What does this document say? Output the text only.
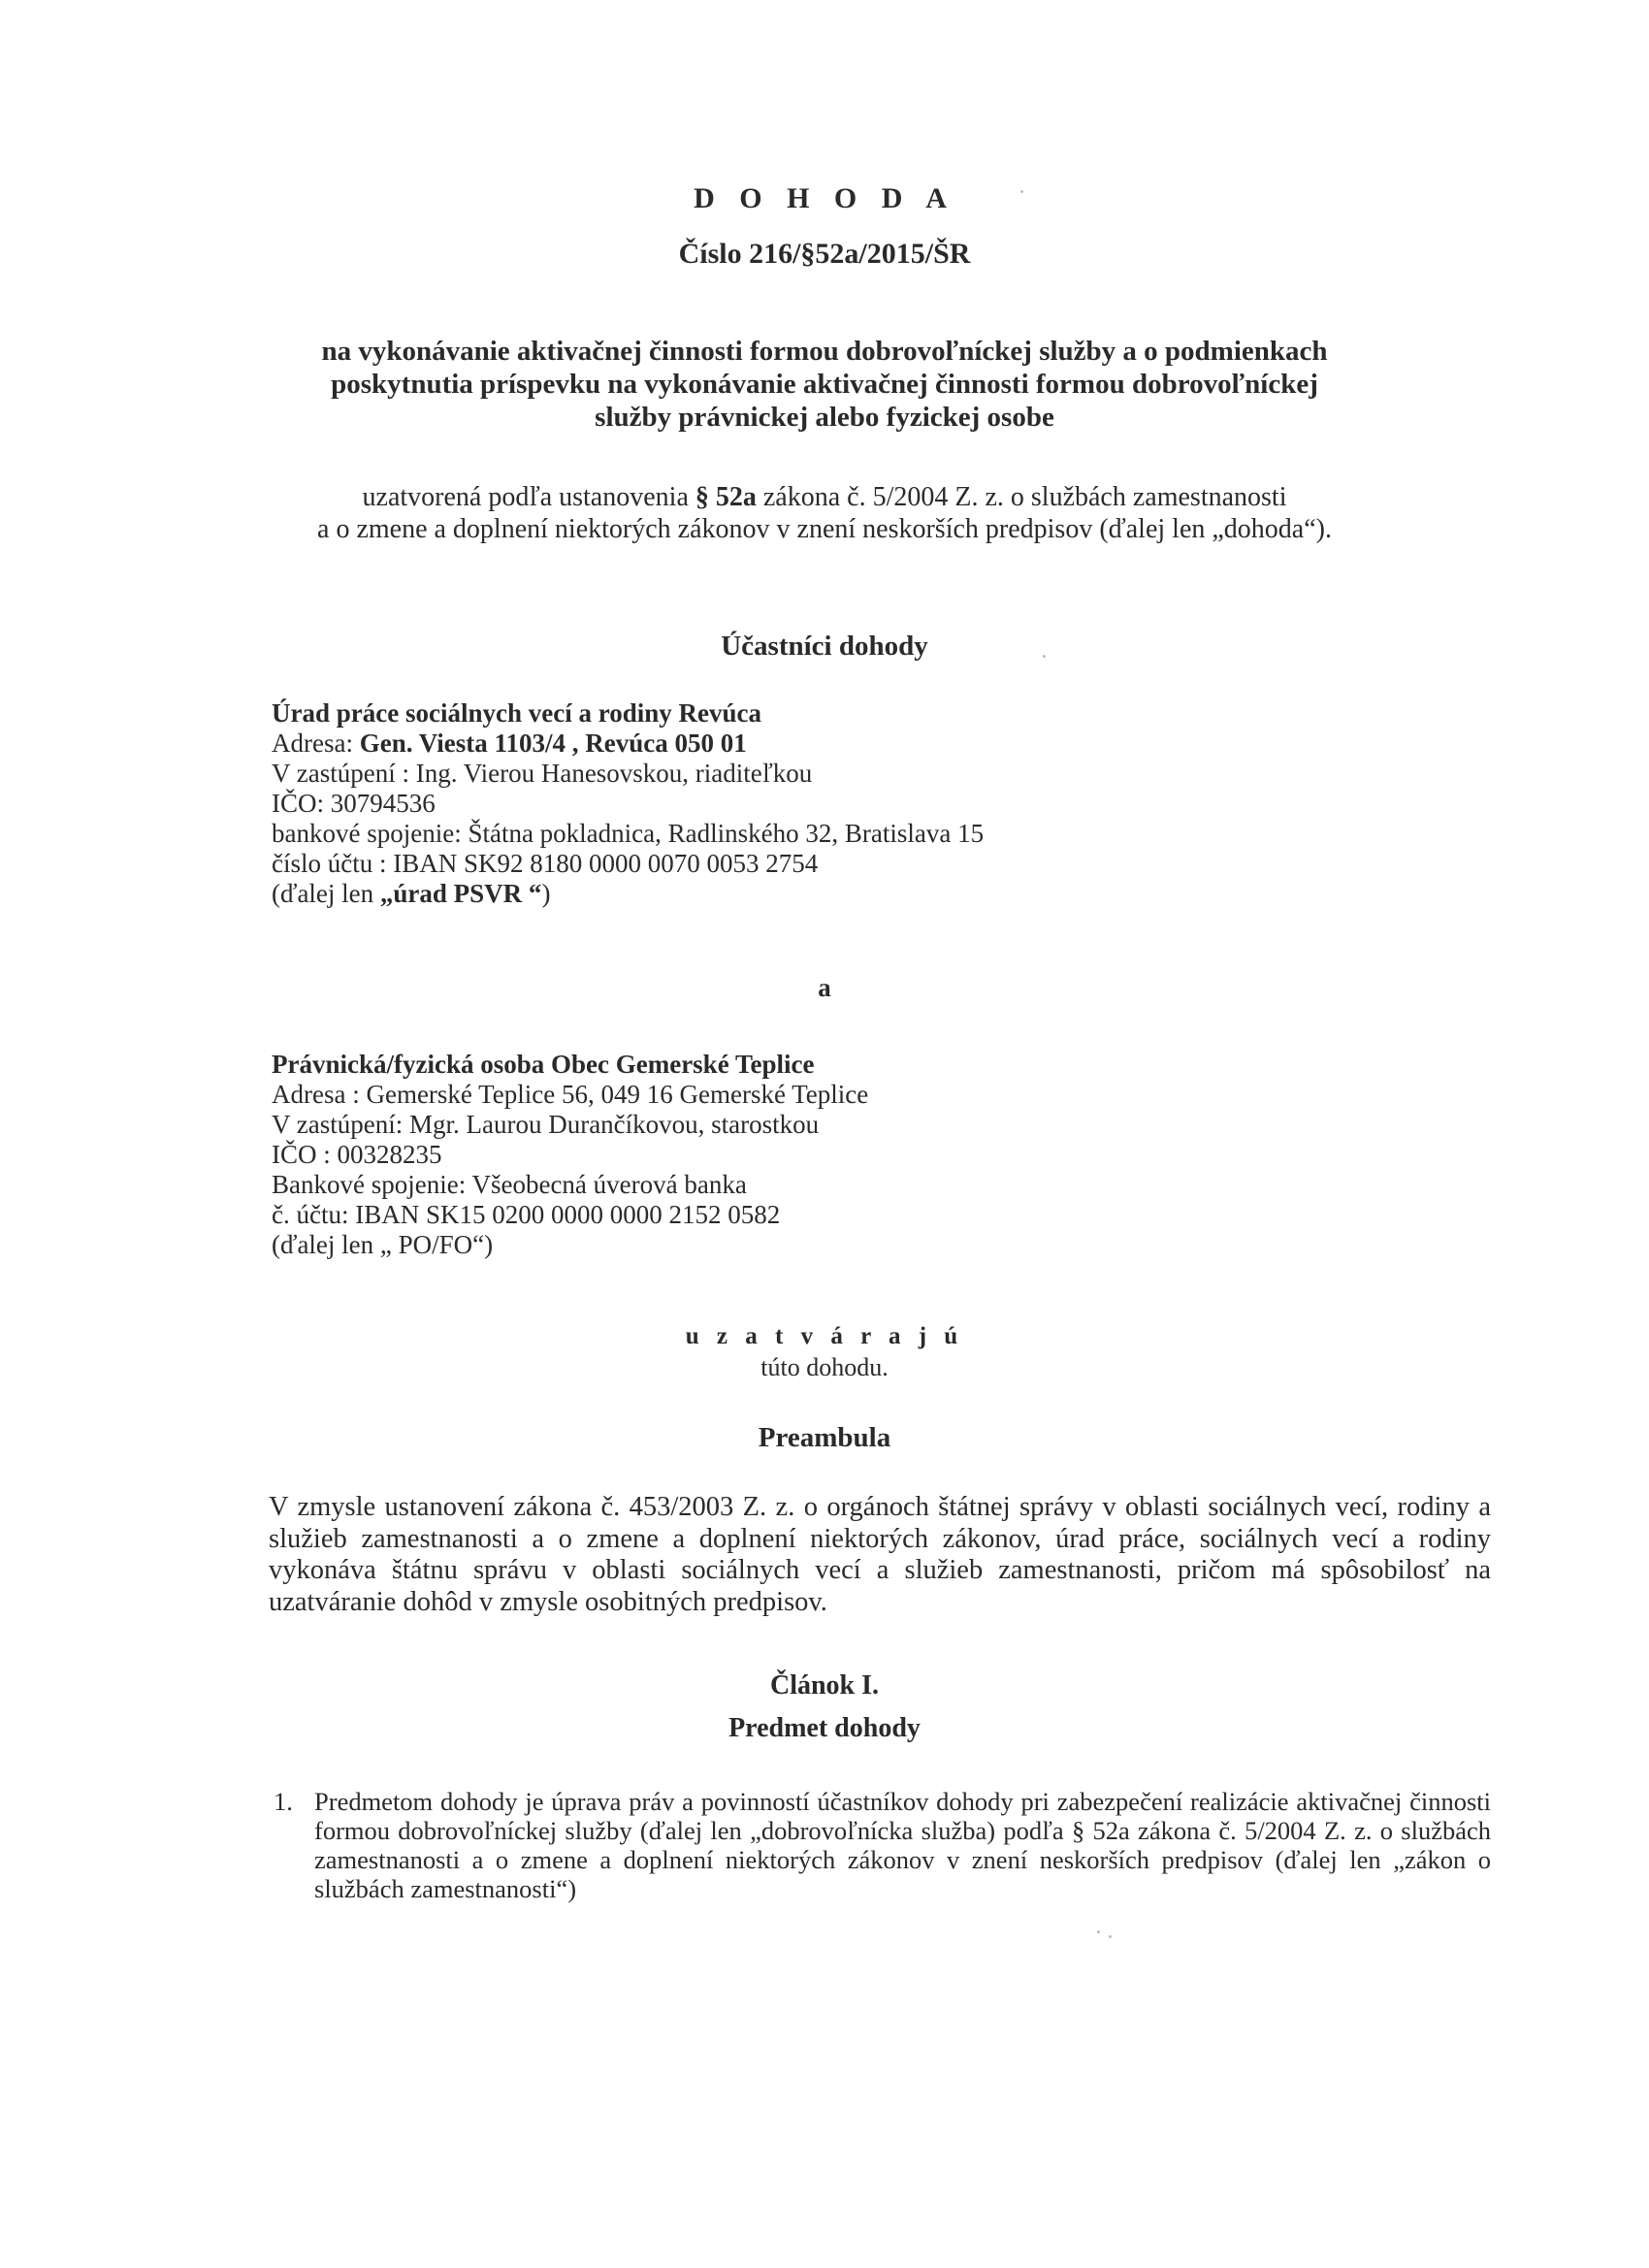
D O H O D A
Číslo 216/§52a/2015/ŠR
na vykonávanie aktivačnej činnosti formou dobrovoľníckej služby a o podmienkach
poskytnutia príspevku na vykonávanie aktivačnej činnosti formou dobrovoľníckej
služby právnickej alebo fyzickej osobe
uzatvorená podľa ustanovenia § 52a zákona č. 5/2004 Z. z. o službách zamestnanosti
a o zmene a doplnení niektorých zákonov v znení neskorších predpisov (ďalej len „dohoda“).
Účastníci dohody
Úrad práce sociálnych vecí a rodiny Revúca
Adresa: Gen. Viesta 1103/4 , Revúca 050 01
V zastúpení : Ing. Vierou Hanesovskou, riaditeľkou
IČO: 30794536
bankové spojenie: Štátna pokladnica, Radlinského 32, Bratislava 15
číslo účtu : IBAN SK92 8180 0000 0070 0053 2754
(ďalej len „úrad PSVR “)
a
Právnická/fyzická osoba Obec Gemerské Teplice
Adresa : Gemerské Teplice 56, 049 16 Gemerské Teplice
V zastúpení: Mgr. Laurou Durančíkovou, starostkou
IČO : 00328235
Bankové spojenie: Všeobecná úverová banka
č. účtu: IBAN SK15 0200 0000 0000 2152 0582
(ďalej len „ PO/FO“)
u z a t v á r a j ú
túto dohodu.
Preambula
V zmysle ustanovení zákona č. 453/2003 Z. z. o orgánoch štátnej správy v oblasti sociálnych vecí, rodiny a služieb zamestnanosti a o zmene a doplnení niektorých zákonov, úrad práce, sociálnych vecí a rodiny vykonáva štátnu správu v oblasti sociálnych vecí a služieb zamestnanosti, pričom má spôsobilosť na uzatváranie dohôd v zmysle osobitných predpisov.
Článok I.
Predmet dohody
1. Predmetom dohody je úprava práv a povinností účastníkov dohody pri zabezpečení realizácie aktivačnej činnosti formou dobrovoľníckej služby (ďalej len „dobrovoľnícka služba) podľa § 52a zákona č. 5/2004 Z. z. o službách zamestnanosti a o zmene a doplnení niektorých zákonov v znení neskorších predpisov (ďalej len „zákon o službách zamestnanosti“)
